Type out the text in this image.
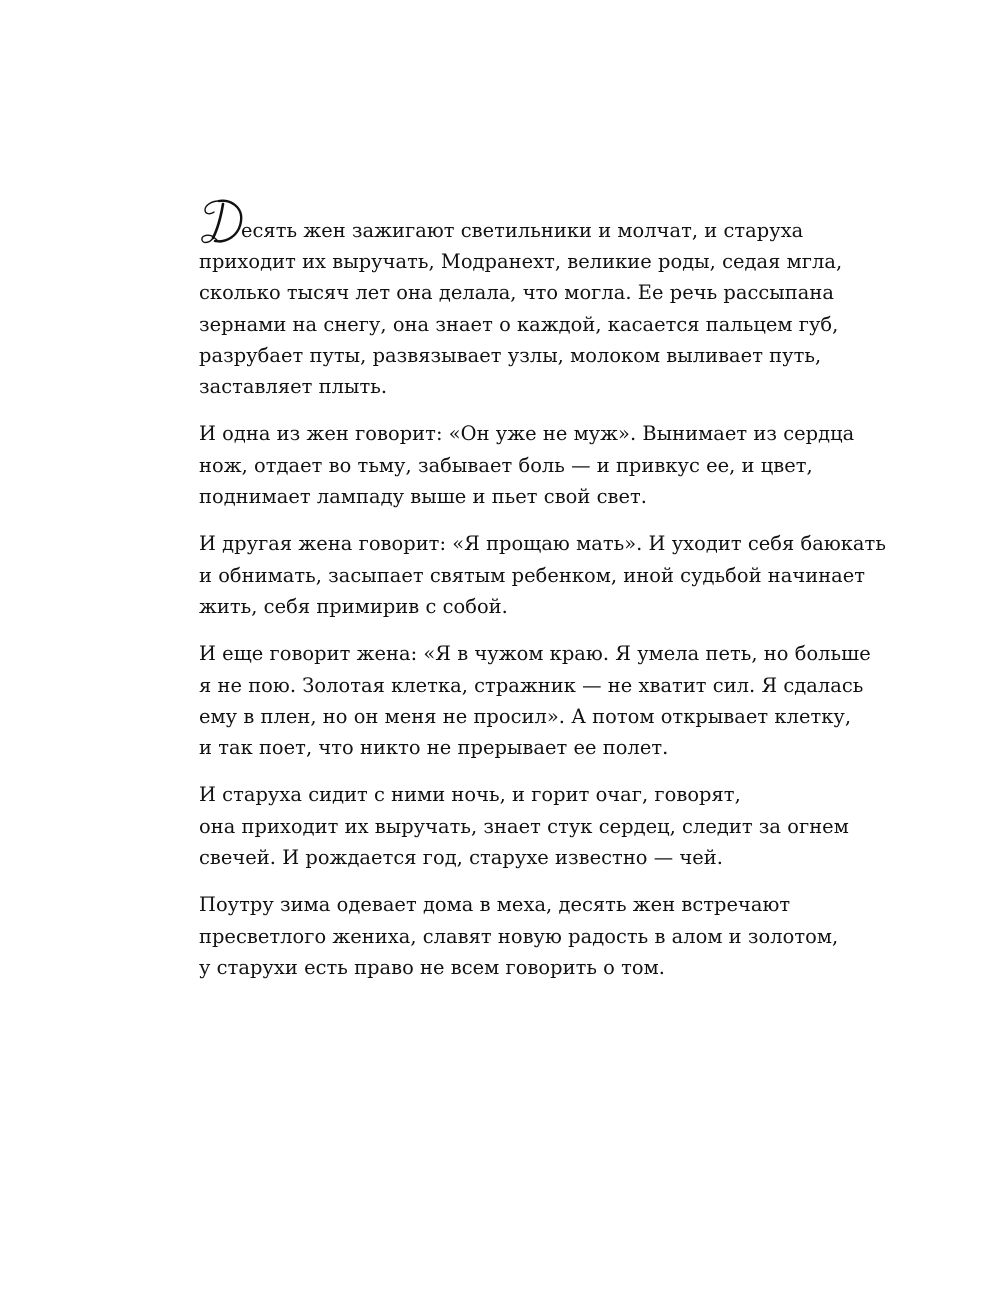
есять жен зажигают светильники и молчат, и старуха
приходит их выручать, Модранехт, великие роды, седая мгла,
сколько тысяч лет она делала, что могла. Ее речь рассыпана
зернами на снегу, она знает о каждой, касается пальцем губ,
разрубает путы, развязывает узлы, молоком выливает путь,
заставляет плыть.
И одна из жен говорит: «Он уже не муж». Вынимает из сердца
нож, отдает во тьму, забывает боль — и привкус ее, и цвет,
поднимает лампаду выше и пьет свой свет.
И другая жена говорит: «Я прощаю мать». И уходит себя баюкать
и обнимать, засыпает святым ребенком, иной судьбой начинает
жить, себя примирив с собой.
И еще говорит жена: «Я в чужом краю. Я умела петь, но больше
я не пою. Золотая клетка, стражник — не хватит сил. Я сдалась
ему в плен, но он меня не просил». А потом открывает клетку,
и так поет, что никто не прерывает ее полет.
И старуха сидит с ними ночь, и горит очаг, говорят,
она приходит их выручать, знает стук сердец, следит за огнем
свечей. И рождается год, старухе известно — чей.
Поутру зима одевает дома в меха, десять жен встречают
пресветлого жениха, славят новую радость в алом и золотом,
у старухи есть право не всем говорить о том.
